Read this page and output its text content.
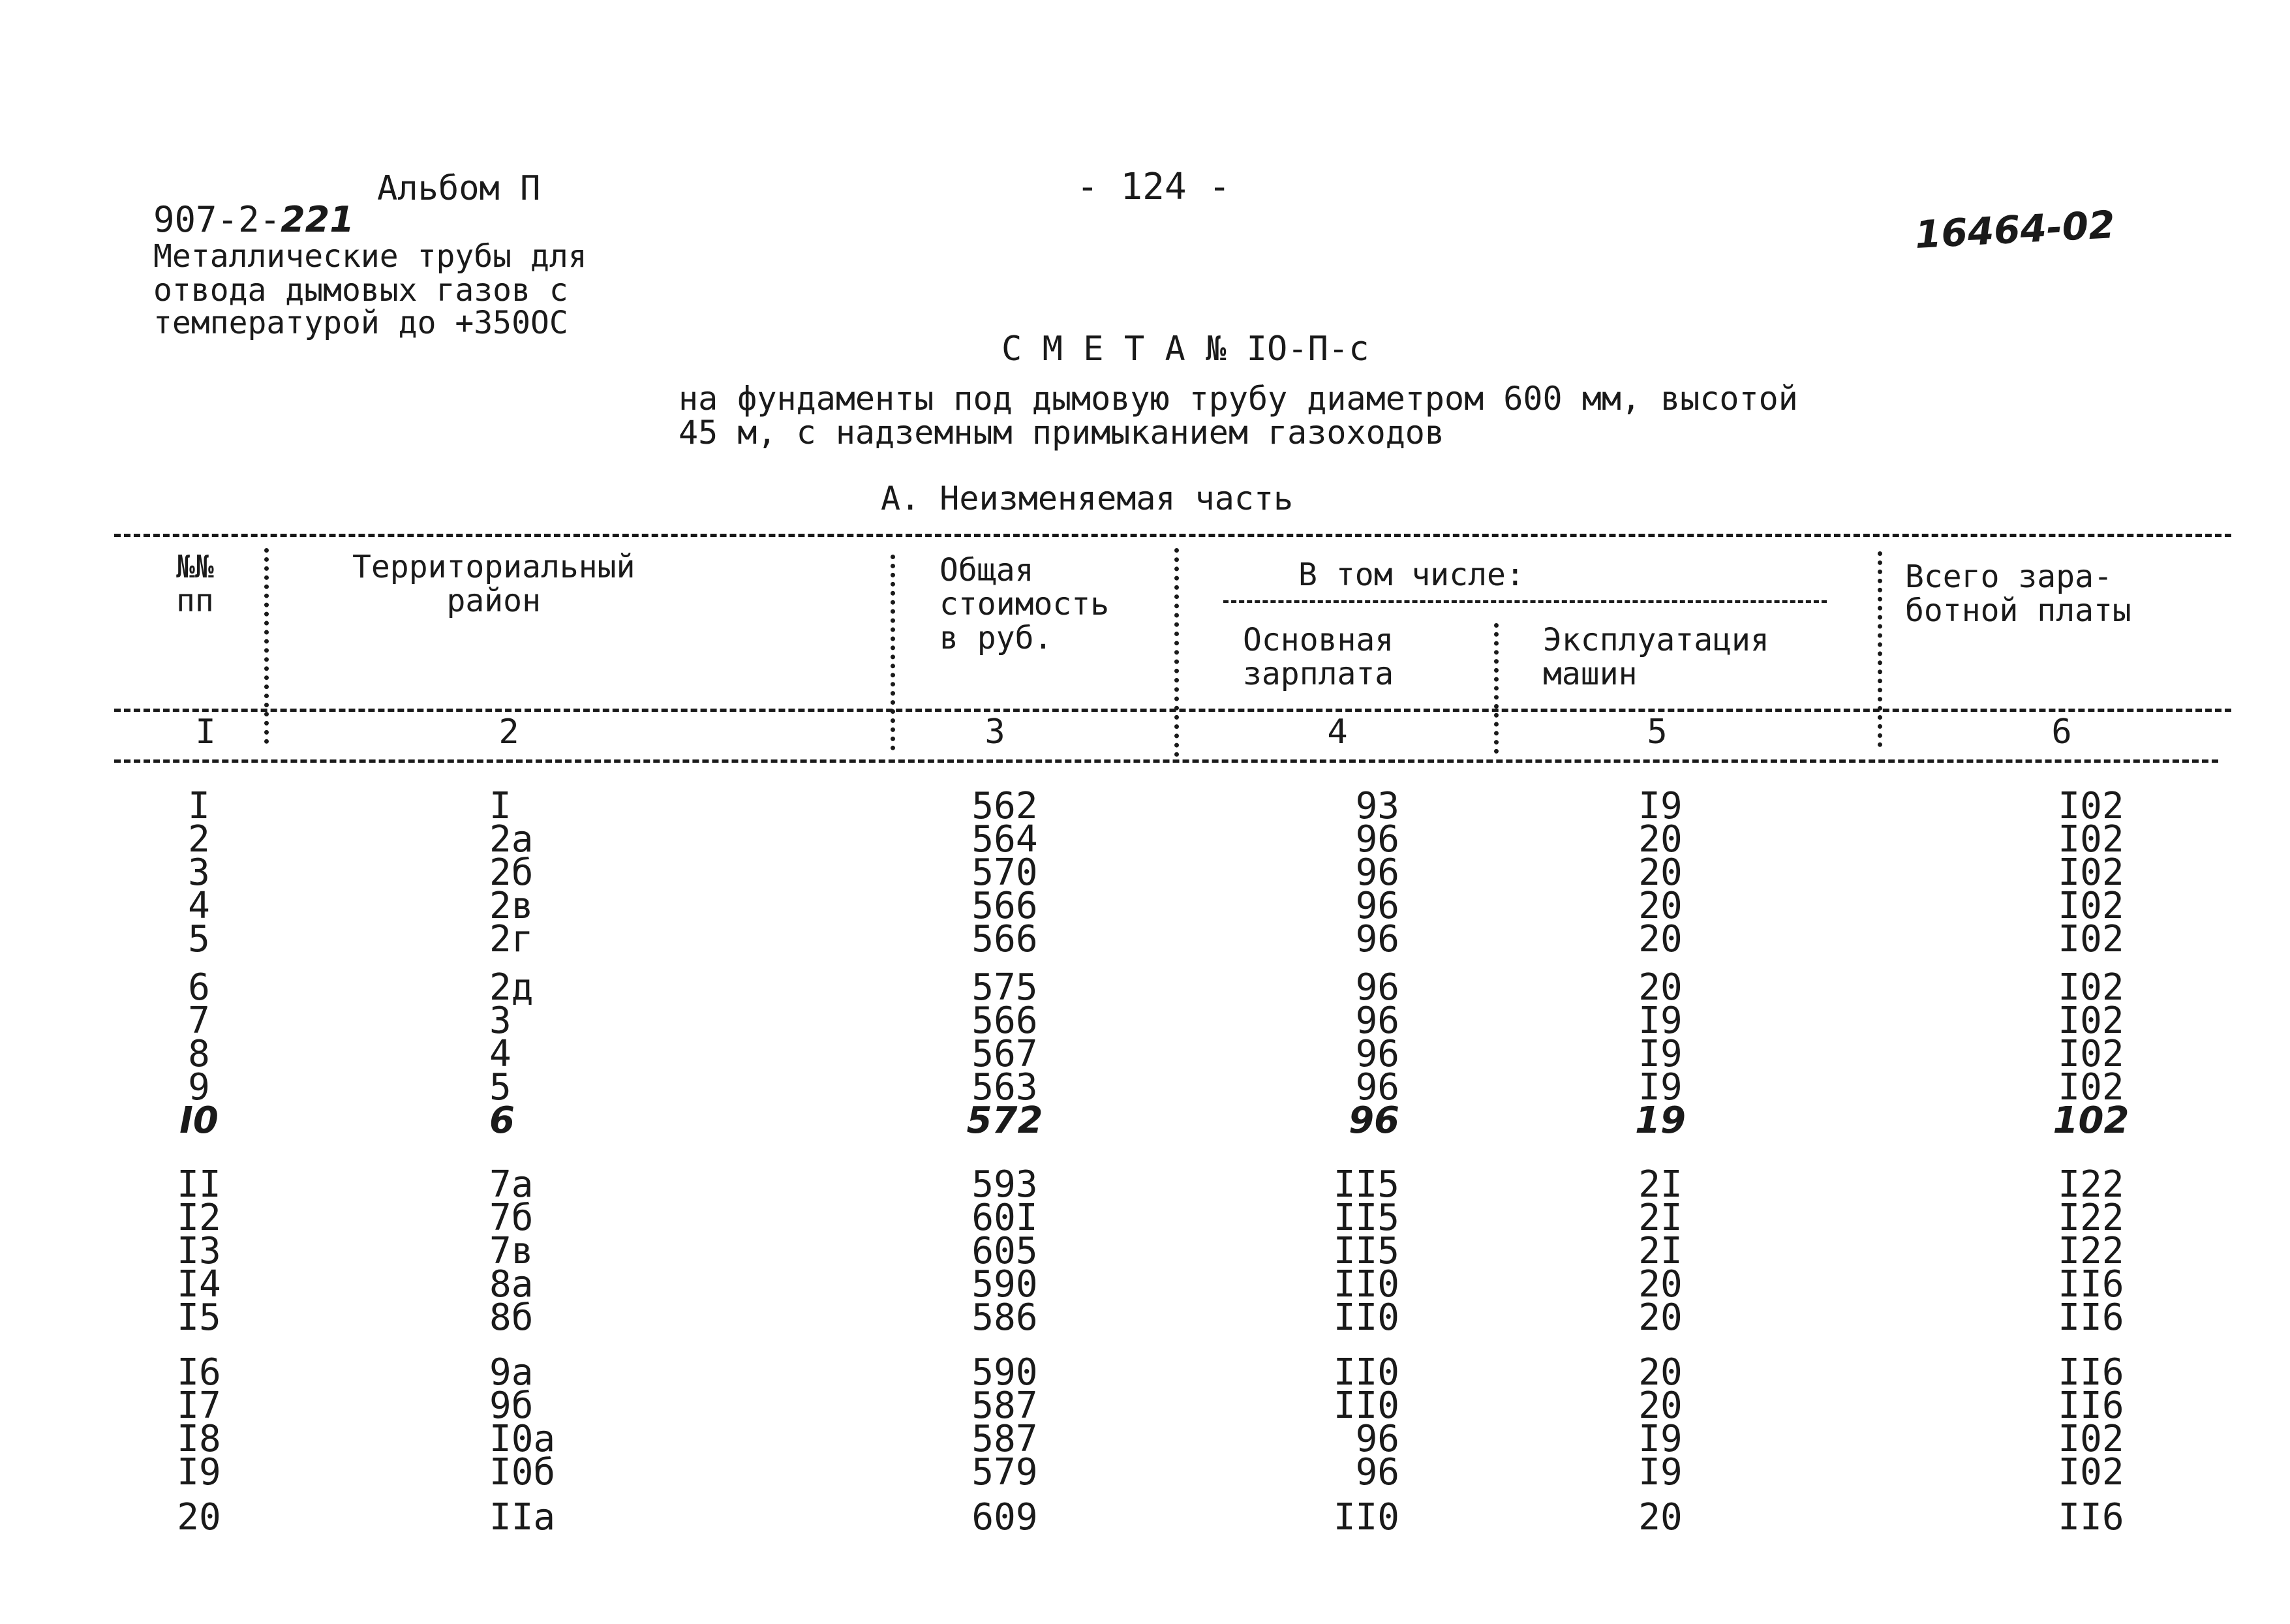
907-2-221

Альбом П	- 124 -
16464-02
Металлические трубы для
отвода дымовых газов с
температурой до +350ОС
С М Е Т А № IO-П-с
на фундаменты под дымовую трубу диаметром 600 мм, высотой
45 м, с надземным примыканием газоходов
А. Неизменяемая часть
№№
пп
Территориальный
район
Общая
стоимость
в руб.
В том числе:
Основная
зарплата
Эксплуатация
машин
Всего зара-
ботной платы
I	2	3	4	5	6
I	I	562	93	I9	I02
2	2а	564	96	20	I02
3	2б	570	96	20	I02
4	2в	566	96	20	I02
5	2г	566	96	20	I02
6	2д	575	96	20	I02
7	3	566	96	I9	I02
8	4	567	96	I9	I02
9	5	563	96	I9	I02
I0	6	572	96	19	102
II	7а	593	II5	2I	I22
I2	7б	60I	II5	2I	I22
I3	7в	605	II5	2I	I22
I4	8а	590	II0	20	II6
I5	8б	586	II0	20	II6
I6	9а	590	II0	20	II6
I7	9б	587	II0	20	II6
I8	I0а	587	96	I9	I02
I9	I0б	579	96	I9	I02
20	IIа	609	II0	20	II6
